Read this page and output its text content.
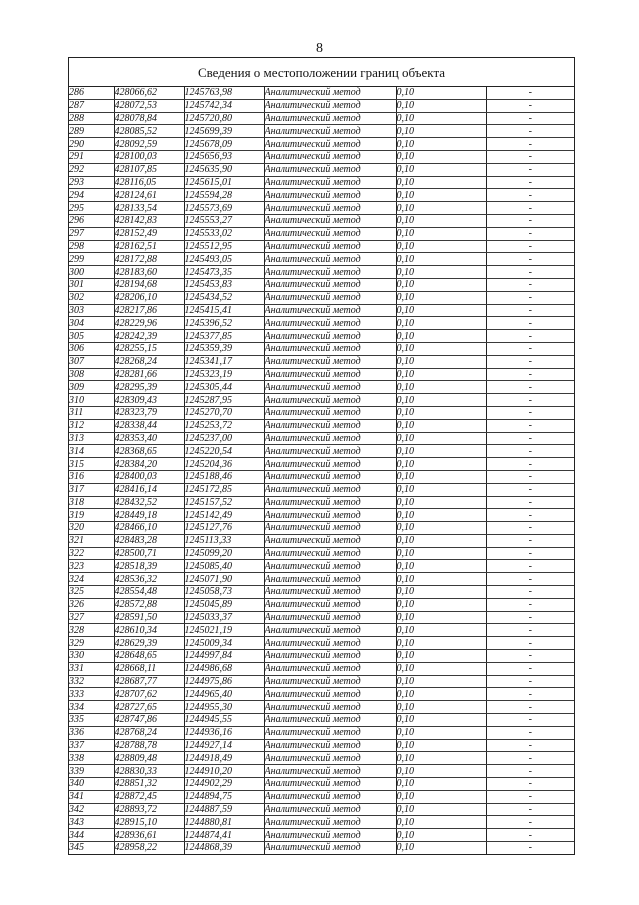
8
Сведения о местоположении границ объекта
286	428066,62	1245763,98	Аналитический метод	0,10	-
287	428072,53	1245742,34	Аналитический метод	0,10	-
288	428078,84	1245720,80	Аналитический метод	0,10	-
289	428085,52	1245699,39	Аналитический метод	0,10	-
290	428092,59	1245678,09	Аналитический метод	0,10	-
291	428100,03	1245656,93	Аналитический метод	0,10	-
292	428107,85	1245635,90	Аналитический метод	0,10	-
293	428116,05	1245615,01	Аналитический метод	0,10	-
294	428124,61	1245594,28	Аналитический метод	0,10	-
295	428133,54	1245573,69	Аналитический метод	0,10	-
296	428142,83	1245553,27	Аналитический метод	0,10	-
297	428152,49	1245533,02	Аналитический метод	0,10	-
298	428162,51	1245512,95	Аналитический метод	0,10	-
299	428172,88	1245493,05	Аналитический метод	0,10	-
300	428183,60	1245473,35	Аналитический метод	0,10	-
301	428194,68	1245453,83	Аналитический метод	0,10	-
302	428206,10	1245434,52	Аналитический метод	0,10	-
303	428217,86	1245415,41	Аналитический метод	0,10	-
304	428229,96	1245396,52	Аналитический метод	0,10	-
305	428242,39	1245377,85	Аналитический метод	0,10	-
306	428255,15	1245359,39	Аналитический метод	0,10	-
307	428268,24	1245341,17	Аналитический метод	0,10	-
308	428281,66	1245323,19	Аналитический метод	0,10	-
309	428295,39	1245305,44	Аналитический метод	0,10	-
310	428309,43	1245287,95	Аналитический метод	0,10	-
311	428323,79	1245270,70	Аналитический метод	0,10	-
312	428338,44	1245253,72	Аналитический метод	0,10	-
313	428353,40	1245237,00	Аналитический метод	0,10	-
314	428368,65	1245220,54	Аналитический метод	0,10	-
315	428384,20	1245204,36	Аналитический метод	0,10	-
316	428400,03	1245188,46	Аналитический метод	0,10	-
317	428416,14	1245172,85	Аналитический метод	0,10	-
318	428432,52	1245157,52	Аналитический метод	0,10	-
319	428449,18	1245142,49	Аналитический метод	0,10	-
320	428466,10	1245127,76	Аналитический метод	0,10	-
321	428483,28	1245113,33	Аналитический метод	0,10	-
322	428500,71	1245099,20	Аналитический метод	0,10	-
323	428518,39	1245085,40	Аналитический метод	0,10	-
324	428536,32	1245071,90	Аналитический метод	0,10	-
325	428554,48	1245058,73	Аналитический метод	0,10	-
326	428572,88	1245045,89	Аналитический метод	0,10	-
327	428591,50	1245033,37	Аналитический метод	0,10	-
328	428610,34	1245021,19	Аналитический метод	0,10	-
329	428629,39	1245009,34	Аналитический метод	0,10	-
330	428648,65	1244997,84	Аналитический метод	0,10	-
331	428668,11	1244986,68	Аналитический метод	0,10	-
332	428687,77	1244975,86	Аналитический метод	0,10	-
333	428707,62	1244965,40	Аналитический метод	0,10	-
334	428727,65	1244955,30	Аналитический метод	0,10	-
335	428747,86	1244945,55	Аналитический метод	0,10	-
336	428768,24	1244936,16	Аналитический метод	0,10	-
337	428788,78	1244927,14	Аналитический метод	0,10	-
338	428809,48	1244918,49	Аналитический метод	0,10	-
339	428830,33	1244910,20	Аналитический метод	0,10	-
340	428851,32	1244902,29	Аналитический метод	0,10	-
341	428872,45	1244894,75	Аналитический метод	0,10	-
342	428893,72	1244887,59	Аналитический метод	0,10	-
343	428915,10	1244880,81	Аналитический метод	0,10	-
344	428936,61	1244874,41	Аналитический метод	0,10	-
345	428958,22	1244868,39	Аналитический метод	0,10	-
